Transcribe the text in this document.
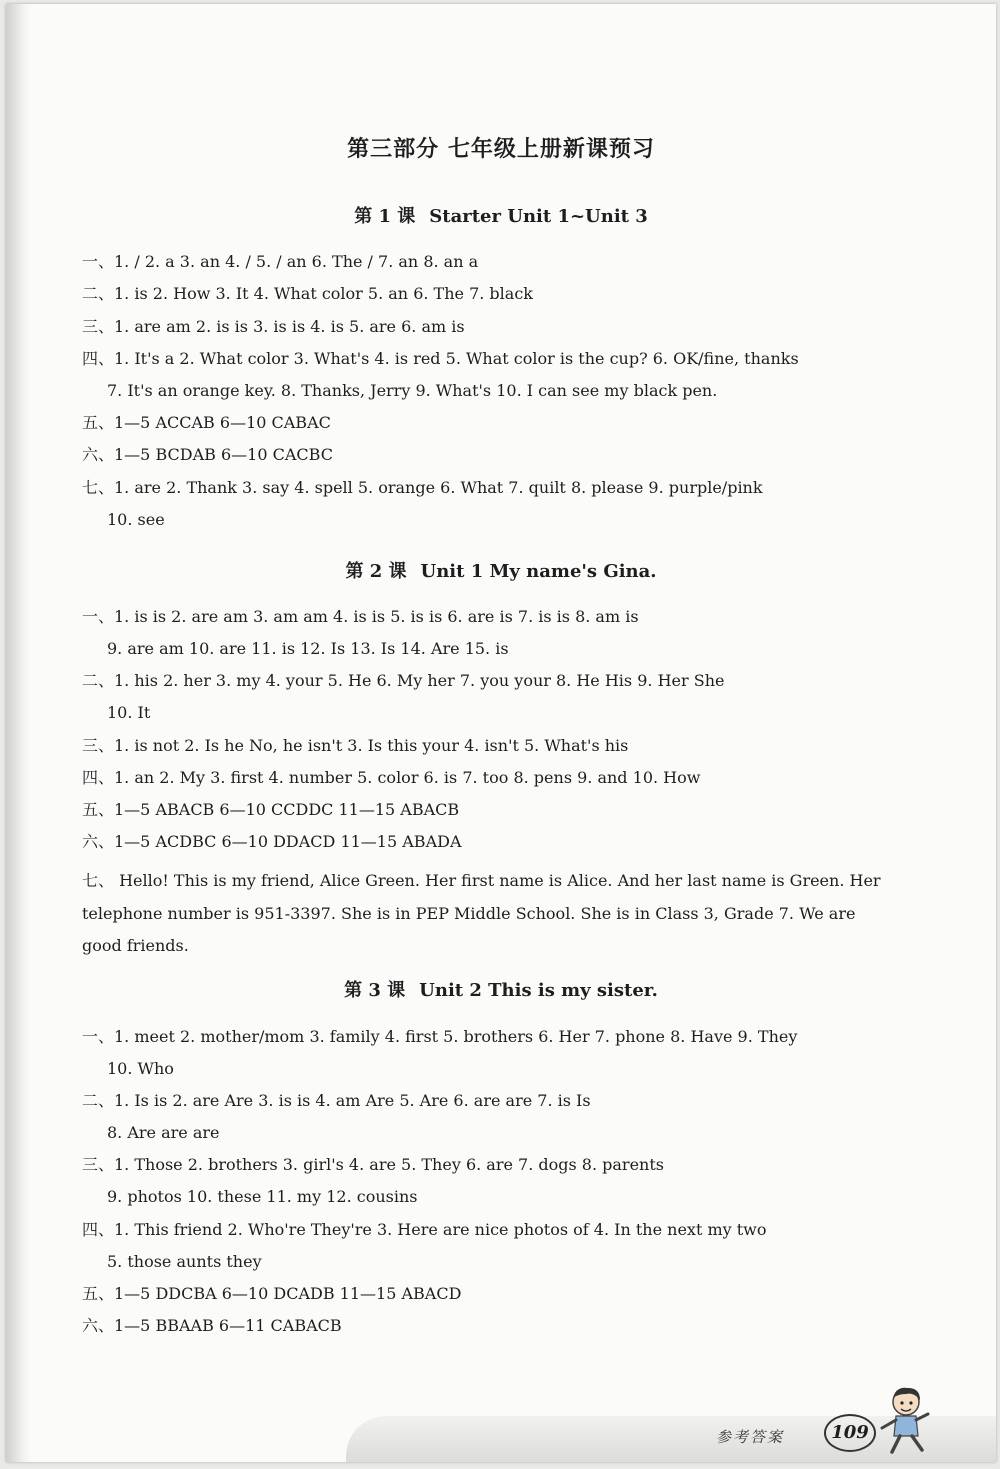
第三部分 七年级上册新课预习
第 1 课 Starter Unit 1~Unit 3
一、1. / 2. a 3. an 4. / 5. / an 6. The / 7. an 8. an a
二、1. is 2. How 3. It 4. What color 5. an 6. The 7. black
三、1. are am 2. is is 3. is is 4. is 5. are 6. am is
四、1. It's a 2. What color 3. What's 4. is red 5. What color is the cup? 6. OK/fine, thanks
7. It's an orange key. 8. Thanks, Jerry 9. What's 10. I can see my black pen.
五、1—5 ACCAB 6—10 CABAC
六、1—5 BCDAB 6—10 CACBC
七、1. are 2. Thank 3. say 4. spell 5. orange 6. What 7. quilt 8. please 9. purple/pink
10. see
第 2 课 Unit 1 My name's Gina.
一、1. is is 2. are am 3. am am 4. is is 5. is is 6. are is 7. is is 8. am is
9. are am 10. are 11. is 12. Is 13. Is 14. Are 15. is
二、1. his 2. her 3. my 4. your 5. He 6. My her 7. you your 8. He His 9. Her She
10. It
三、1. is not 2. Is he No, he isn't 3. Is this your 4. isn't 5. What's his
四、1. an 2. My 3. first 4. number 5. color 6. is 7. too 8. pens 9. and 10. How
五、1—5 ABACB 6—10 CCDDC 11—15 ABACB
六、1—5 ACDBC 6—10 DDACD 11—15 ABADA
七、 Hello! This is my friend, Alice Green. Her first name is Alice. And her last name is Green. Her telephone number is 951-3397. She is in PEP Middle School. She is in Class 3, Grade 7. We are good friends.
第 3 课 Unit 2 This is my sister.
一、1. meet 2. mother/mom 3. family 4. first 5. brothers 6. Her 7. phone 8. Have 9. They
10. Who
二、1. Is is 2. are Are 3. is is 4. am Are 5. Are 6. are are 7. is Is
8. Are are are
三、1. Those 2. brothers 3. girl's 4. are 5. They 6. are 7. dogs 8. parents
9. photos 10. these 11. my 12. cousins
四、1. This friend 2. Who're They're 3. Here are nice photos of 4. In the next my two
5. those aunts they
五、1—5 DDCBA 6—10 DCADB 11—15 ABACD
六、1—5 BBAAB 6—11 CABACB
参考答案	109
